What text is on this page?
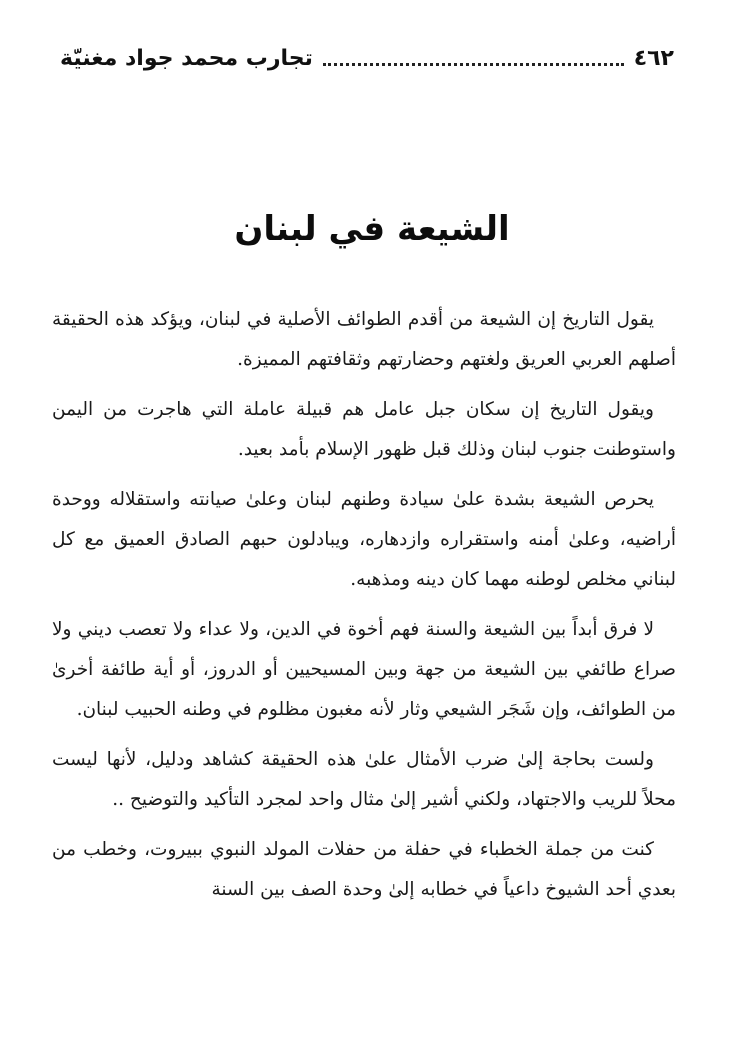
٤٦٢
تجارب محمد جواد مغنيّة
الشيعة في لبنان

يقول التاريخ إن الشيعة من أقدم الطوائف الأصلية في لبنان، ويؤكد هذه الحقيقة أصلهم العربي العريق ولغتهم وحضارتهم وثقافتهم المميزة.

ويقول التاريخ إن سكان جبل عامل هم قبيلة عاملة التي هاجرت من اليمن واستوطنت جنوب لبنان وذلك قبل ظهور الإسلام بأمد بعيد.

يحرص الشيعة بشدة علىٰ سيادة وطنهم لبنان وعلىٰ صيانته واستقلاله ووحدة أراضيه، وعلىٰ أمنه واستقراره وازدهاره، ويبادلون حبهم الصادق العميق مع كل لبناني مخلص لوطنه مهما كان دينه ومذهبه.

لا فرق أبداً بين الشيعة والسنة فهم أخوة في الدين، ولا عداء ولا تعصب ديني ولا صراع طائفي بين الشيعة من جهة وبين المسيحيين أو الدروز، أو أية طائفة أخرىٰ من الطوائف، وإن شَجَر الشيعي وثار لأنه مغبون مظلوم في وطنه الحبيب لبنان.

ولست بحاجة إلىٰ ضرب الأمثال علىٰ هذه الحقيقة كشاهد ودليل، لأنها ليست محلاً للريب والاجتهاد، ولكني أشير إلىٰ مثال واحد لمجرد التأكيد والتوضيح ..

كنت من جملة الخطباء في حفلة من حفلات المولد النبوي ببيروت، وخطب من بعدي أحد الشيوخ داعياً في خطابه إلىٰ وحدة الصف بين السنة
